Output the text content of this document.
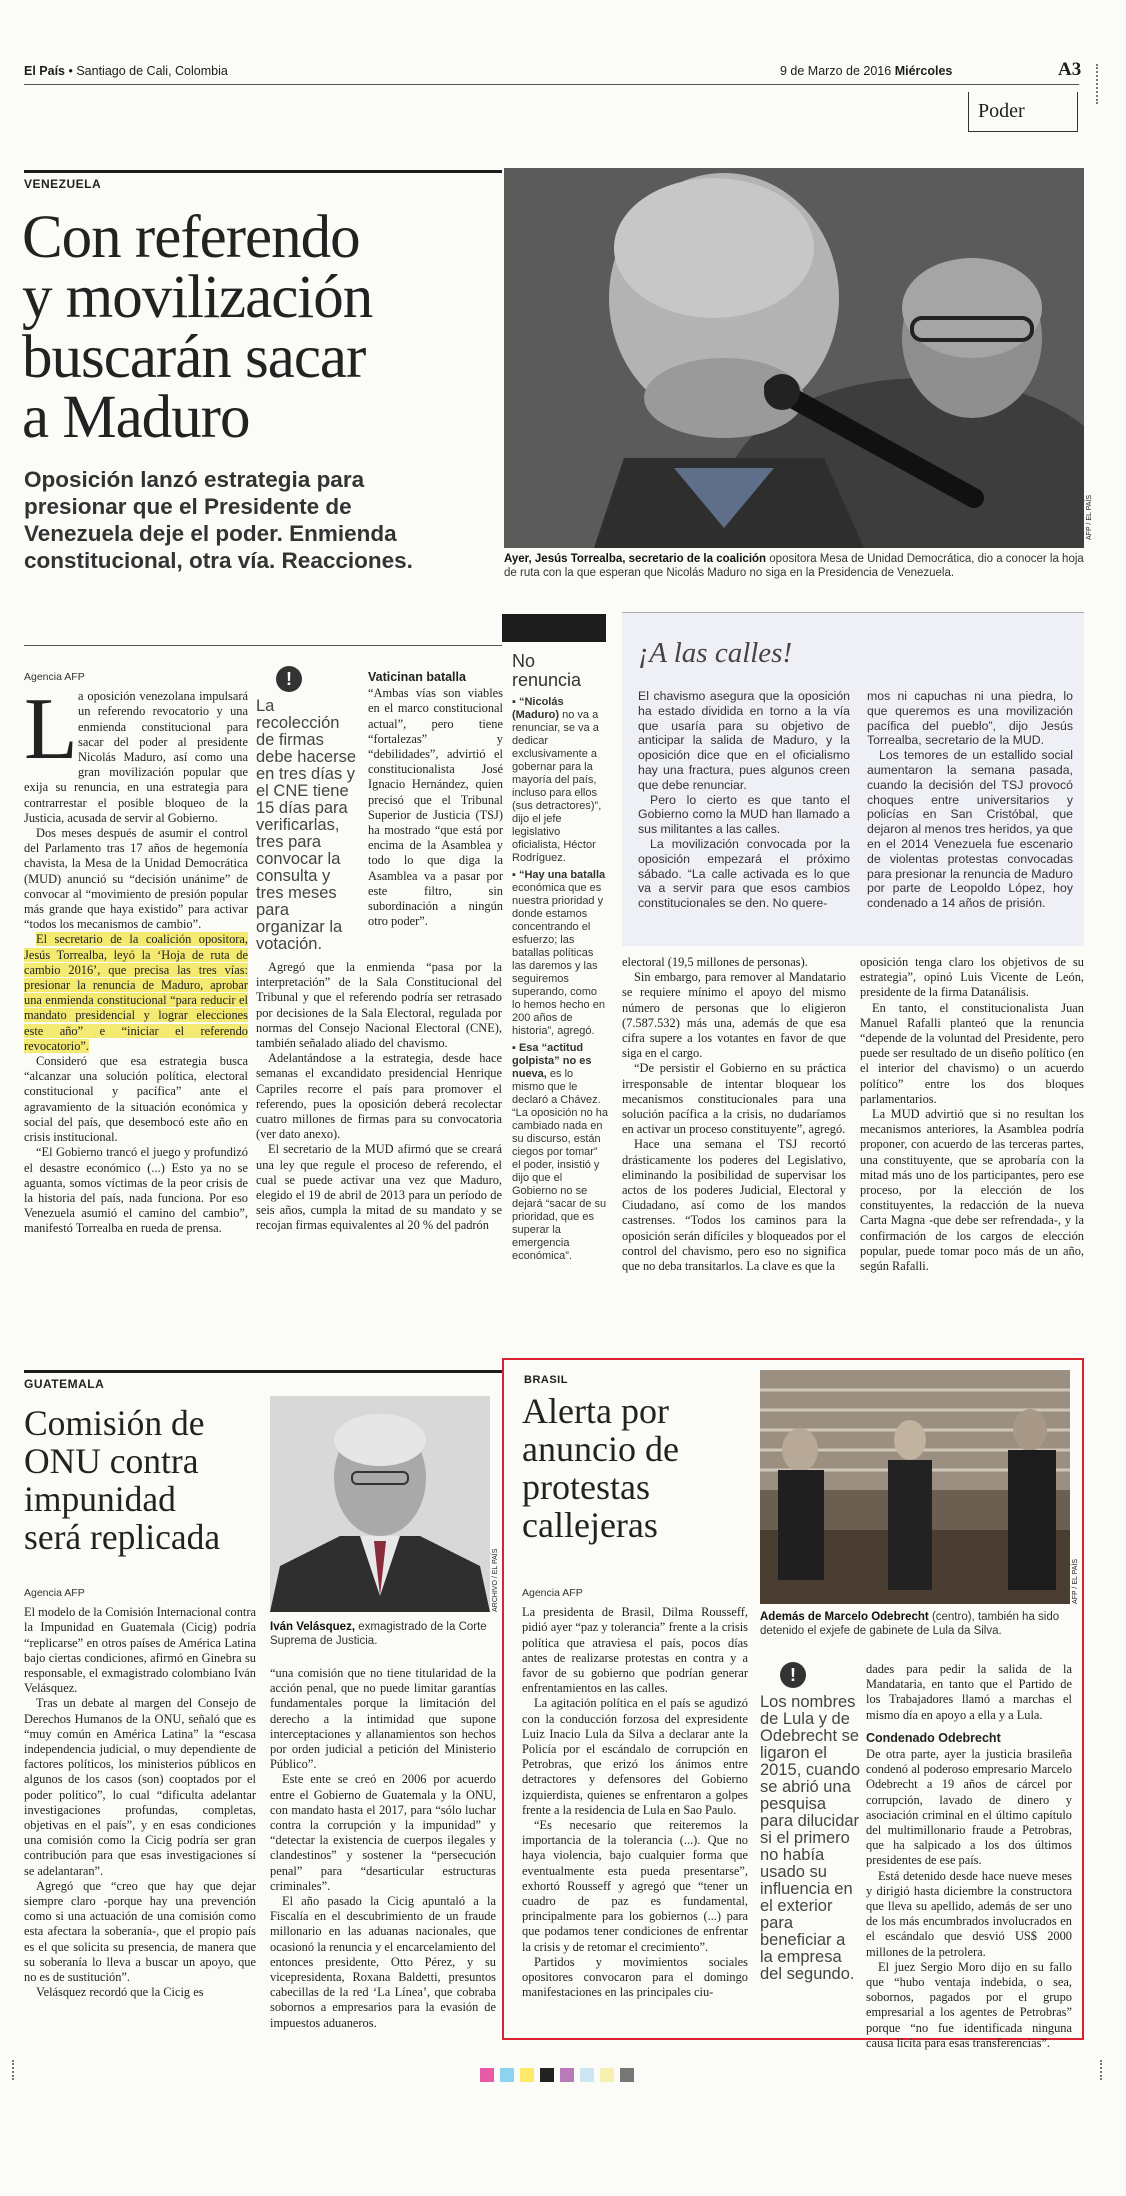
El País • Santiago de Cali, Colombia	9 de Marzo de 2016 Miércoles	A3
Poder
VENEZUELA
Con referendo
y movilización
buscarán sacar
a Maduro
Oposición lanzó estrategia para
presionar que el Presidente de
Venezuela deje el poder. Enmienda
constitucional, otra vía. Reacciones.
AFP / EL PAÍS
Ayer, Jesús Torrealba, secretario de la coalición opositora Mesa de Unidad Democrática, dio a conocer la hoja de ruta con la que esperan que Nicolás Maduro no siga en la Presidencia de Venezuela.
Agencia AFP
L a oposición venezolana impulsará un referendo revocatorio y una enmienda constitucional para sacar del poder al presidente Nicolás Maduro, así como una gran movilización popular que exija su renuncia, en una estrategia para contrarrestar el posible bloqueo de la Justicia, acusada de servir al Gobierno.

Dos meses después de asumir el control del Parlamento tras 17 años de hegemonía chavista, la Mesa de la Unidad Democrática (MUD) anunció su “decisión unánime” de convocar al “movimiento de presión popular más grande que haya existido” para activar “todos los mecanismos de cambio”.

El secretario de la coalición opositora, Jesús Torrealba, leyó la ‘Hoja de ruta de cambio 2016’, que precisa las tres vías: presionar la renuncia de Maduro, aprobar una enmienda constitucional “para reducir el mandato presidencial y lograr elecciones este año” e “iniciar el referendo revocatorio”.

Consideró que esa estrategia busca “alcanzar una solución política, electoral constitucional y pacífica” ante el agravamiento de la situación económica y social del país, que desembocó este año en crisis institucional.

“El Gobierno trancó el juego y profundizó el desastre económico (...) Esto ya no se aguanta, somos víctimas de la peor crisis de la historia del país, nada funciona. Por eso Venezuela asumió el camino del cambio”, manifestó Torrealba en rueda de prensa.

!
La recolección de firmas debe hacerse en tres días y el CNE tiene 15 días para verificarlas, tres para convocar la consulta y tres meses para organizar la votación.
Vaticinan batalla

“Ambas vías son viables en el marco constitucional actual”, pero tiene “fortalezas” y “debilidades”, advirtió el constitucionalista José Ignacio Hernández, quien precisó que el Tribunal Superior de Justicia (TSJ) ha mostrado “que está por encima de la Asamblea y todo lo que diga la Asamblea va a pasar por este filtro, sin subordinación a ningún otro poder”.

Agregó que la enmienda “pasa por la interpretación” de la Sala Constitucional del Tribunal y que el referendo podría ser retrasado por decisiones de la Sala Electoral, regulada por normas del Consejo Nacional Electoral (CNE), también señalado aliado del chavismo.

Adelantándose a la estrategia, desde hace semanas el excandidato presidencial Henrique Capriles recorre el país para promover el referendo, pues la oposición deberá recolectar cuatro millones de firmas para su convocatoria (ver dato anexo).

El secretario de la MUD afirmó que se creará una ley que regule el proceso de referendo, el cual se puede activar una vez que Maduro, elegido el 19 de abril de 2013 para un período de seis años, cumpla la mitad de su mandato y se recojan firmas equivalentes al 20 % del padrón

No renuncia
▪ “Nicolás (Maduro) no va a renunciar, se va a dedicar exclusivamente a gobernar para la mayoría del país, incluso para ellos (sus detractores)”, dijo el jefe legislativo oficialista, Héctor Rodríguez.
▪ “Hay una batalla económica que es nuestra prioridad y donde estamos concentrando el esfuerzo; las batallas políticas las daremos y las seguiremos superando, como lo hemos hecho en 200 años de historia”, agregó.
▪ Esa “actitud golpista” no es nueva, es lo mismo que le declaró a Chávez. “La oposición no ha cambiado nada en su discurso, están ciegos por tomar” el poder, insistió y dijo que el Gobierno no se dejará “sacar de su prioridad, que es superar la emergencia económica”.
¡A las calles!

El chavismo asegura que la oposición ha estado dividida en torno a la vía que usaría para su objetivo de anticipar la salida de Maduro, y la oposición dice que en el oficialismo hay una fractura, pues algunos creen que debe renunciar.

Pero lo cierto es que tanto el Gobierno como la MUD han llamado a sus militantes a las calles.

La movilización convocada por la oposición empezará el próximo sábado. “La calle activada es lo que va a servir para que esos cambios constitucionales se den. No quere-

mos ni capuchas ni una piedra, lo que queremos es una movilización pacífica del pueblo”, dijo Jesús Torrealba, secretario de la MUD.

Los temores de un estallido social aumentaron la semana pasada, cuando la decisión del TSJ provocó choques entre universitarios y policías en San Cristóbal, que dejaron al menos tres heridos, ya que en el 2014 Venezuela fue escenario de violentas protestas convocadas para presionar la renuncia de Maduro por parte de Leopoldo López, hoy condenado a 14 años de prisión.

electoral (19,5 millones de personas).

Sin embargo, para remover al Mandatario se requiere mínimo el apoyo del mismo número de personas que lo eligieron (7.587.532) más una, además de que esa cifra supere a los votantes en favor de que siga en el cargo.

“De persistir el Gobierno en su práctica irresponsable de intentar bloquear los mecanismos constitucionales para una solución pacífica a la crisis, no dudaríamos en activar un proceso constituyente”, agregó.

Hace una semana el TSJ recortó drásticamente los poderes del Legislativo, eliminando la posibilidad de supervisar los actos de los poderes Judicial, Electoral y Ciudadano, así como de los mandos castrenses. “Todos los caminos para la oposición serán difíciles y bloqueados por el control del chavismo, pero eso no significa que no deba transitarlos. La clave es que la

oposición tenga claro los objetivos de su estrategia”, opinó Luis Vicente de León, presidente de la firma Datanálisis.

En tanto, el constitucionalista Juan Manuel Rafalli planteó que la renuncia “depende de la voluntad del Presidente, pero puede ser resultado de un diseño político (en el interior del chavismo) o un acuerdo político” entre los dos bloques parlamentarios.

La MUD advirtió que si no resultan los mecanismos anteriores, la Asamblea podría proponer, con acuerdo de las terceras partes, una constituyente, que se aprobaría con la mitad más uno de los participantes, pero ese proceso, por la elección de los constituyentes, la redacción de la nueva Carta Magna -que debe ser refrendada-, y la confirmación de los cargos de elección popular, puede tomar poco más de un año, según Rafalli.

GUATEMALA
Comisión de
ONU contra
impunidad
será replicada
ARCHIVO / EL PAÍS
Iván Velásquez, exmagistrado de la Corte Suprema de Justicia.
Agencia AFP

El modelo de la Comisión Internacional contra la Impunidad en Guatemala (Cicig) podría “replicarse” en otros países de América Latina bajo ciertas condiciones, afirmó en Ginebra su responsable, el exmagistrado colombiano Iván Velásquez.

Tras un debate al margen del Consejo de Derechos Humanos de la ONU, señaló que es “muy común en América Latina” la “escasa independencia judicial, o muy dependiente de factores políticos, los ministerios públicos en algunos de los casos (son) cooptados por el poder político”, lo cual “dificulta adelantar investigaciones profundas, completas, objetivas en el país”, y en esas condiciones una comisión como la Cicig podría ser gran contribución para que esas investigaciones sí se adelantaran”.

Agregó que “creo que hay que dejar siempre claro -porque hay una prevención como si una actuación de una comisión como esta afectara la soberanía-, que el propio país es el que solicita su presencia, de manera que su soberanía lo lleva a buscar un apoyo, que no es de sustitución”.

Velásquez recordó que la Cicig es

“una comisión que no tiene titularidad de la acción penal, que no puede limitar garantías fundamentales porque la limitación del derecho a la intimidad que supone interceptaciones y allanamientos son hechos por orden judicial a petición del Ministerio Público”.

Este ente se creó en 2006 por acuerdo entre el Gobierno de Guatemala y la ONU, con mandato hasta el 2017, para “sólo luchar contra la corrupción y la impunidad” y “detectar la existencia de cuerpos ilegales y clandestinos” y sostener la “persecución penal” para “desarticular estructuras criminales”.

El año pasado la Cicig apuntaló a la Fiscalía en el descubrimiento de un fraude millonario en las aduanas nacionales, que ocasionó la renuncia y el encarcelamiento del entonces presidente, Otto Pérez, y su vicepresidenta, Roxana Baldetti, presuntos cabecillas de la red ‘La Línea’, que cobraba sobornos a empresarios para la evasión de impuestos aduaneros.

BRASIL
Alerta por
anuncio de
protestas
callejeras
AFP / EL PAÍS
Además de Marcelo Odebrecht (centro), también ha sido detenido el exjefe de gabinete de Lula da Silva.
Agencia AFP

La presidenta de Brasil, Dilma Rousseff, pidió ayer “paz y tolerancia” frente a la crisis política que atraviesa el país, pocos días antes de realizarse protestas en contra y a favor de su gobierno que podrían generar enfrentamientos en las calles.

La agitación política en el país se agudizó con la conducción forzosa del expresidente Luiz Inacio Lula da Silva a declarar ante la Policía por el escándalo de corrupción en Petrobras, que erizó los ánimos entre detractores y defensores del Gobierno izquierdista, quienes se enfrentaron a golpes frente a la residencia de Lula en Sao Paulo.

“Es necesario que reiteremos la importancia de la tolerancia (...). Que no haya violencia, bajo cualquier forma que eventualmente esta pueda presentarse”, exhortó Rousseff y agregó que “tener un cuadro de paz es fundamental, principalmente para los gobiernos (...) para que podamos tener condiciones de enfrentar la crisis y de retomar el crecimiento”.

Partidos y movimientos sociales opositores convocaron para el domingo manifestaciones en las principales ciu-

!
Los nombres de Lula y de Odebrecht se ligaron el 2015, cuando se abrió una pesquisa para dilucidar si el primero no había usado su influencia en el exterior para beneficiar a la empresa del segundo.

dades para pedir la salida de la Mandataria, en tanto que el Partido de los Trabajadores llamó a marchas el mismo día en apoyo a ella y a Lula.

Condenado Odebrecht

De otra parte, ayer la justicia brasileña condenó al poderoso empresario Marcelo Odebrecht a 19 años de cárcel por corrupción, lavado de dinero y asociación criminal en el último capítulo del multimillonario fraude a Petrobras, que ha salpicado a los dos últimos presidentes de ese país.

Está detenido desde hace nueve meses y dirigió hasta diciembre la constructora que lleva su apellido, además de ser uno de los más encumbrados involucrados en el escándalo que desvió US$ 2000 millones de la petrolera.

El juez Sergio Moro dijo en su fallo que “hubo ventaja indebida, o sea, sobornos, pagados por el grupo empresarial a los agentes de Petrobras” porque “no fue identificada ninguna causa lícita para esas transferencias”.
